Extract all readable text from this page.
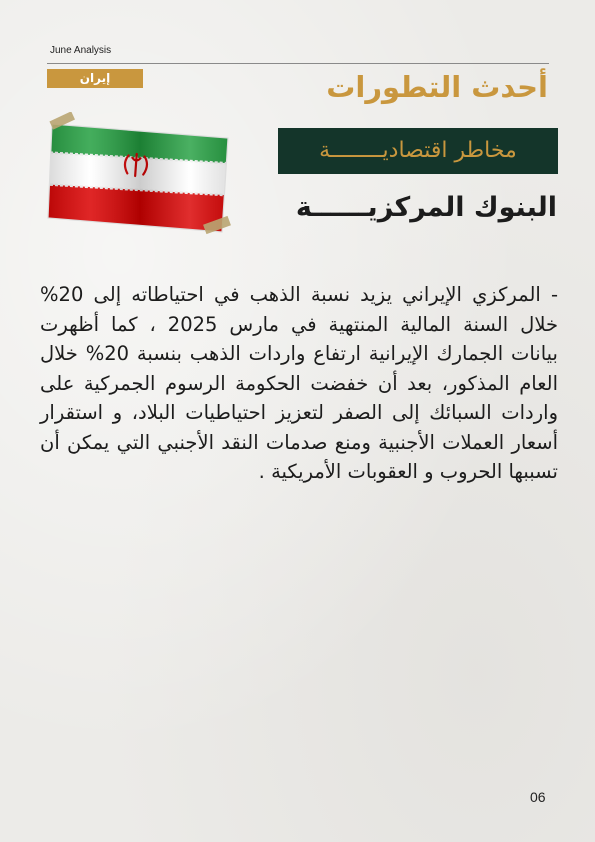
June Analysis
إيران	أحدث التطورات
مخاطر اقتصاديــــــــة
البنوك المركزيــــــة
- المركزي الإيراني يزيد نسبة الذهب في احتياطاته إلى 20% خلال السنة المالية المنتهية في مارس 2025 ، كما أظهرت بيانات الجمارك الإيرانية ارتفاع واردات الذهب بنسبة 20% خلال العام المذكور، بعد أن خفضت الحكومة الرسوم الجمركية على واردات السبائك إلى الصفر لتعزيز احتياطيات البلاد، و استقرار أسعار العملات الأجنبية ومنع صدمات النقد الأجنبي التي يمكن أن تسببها الحروب و العقوبات الأمريكية .
06
